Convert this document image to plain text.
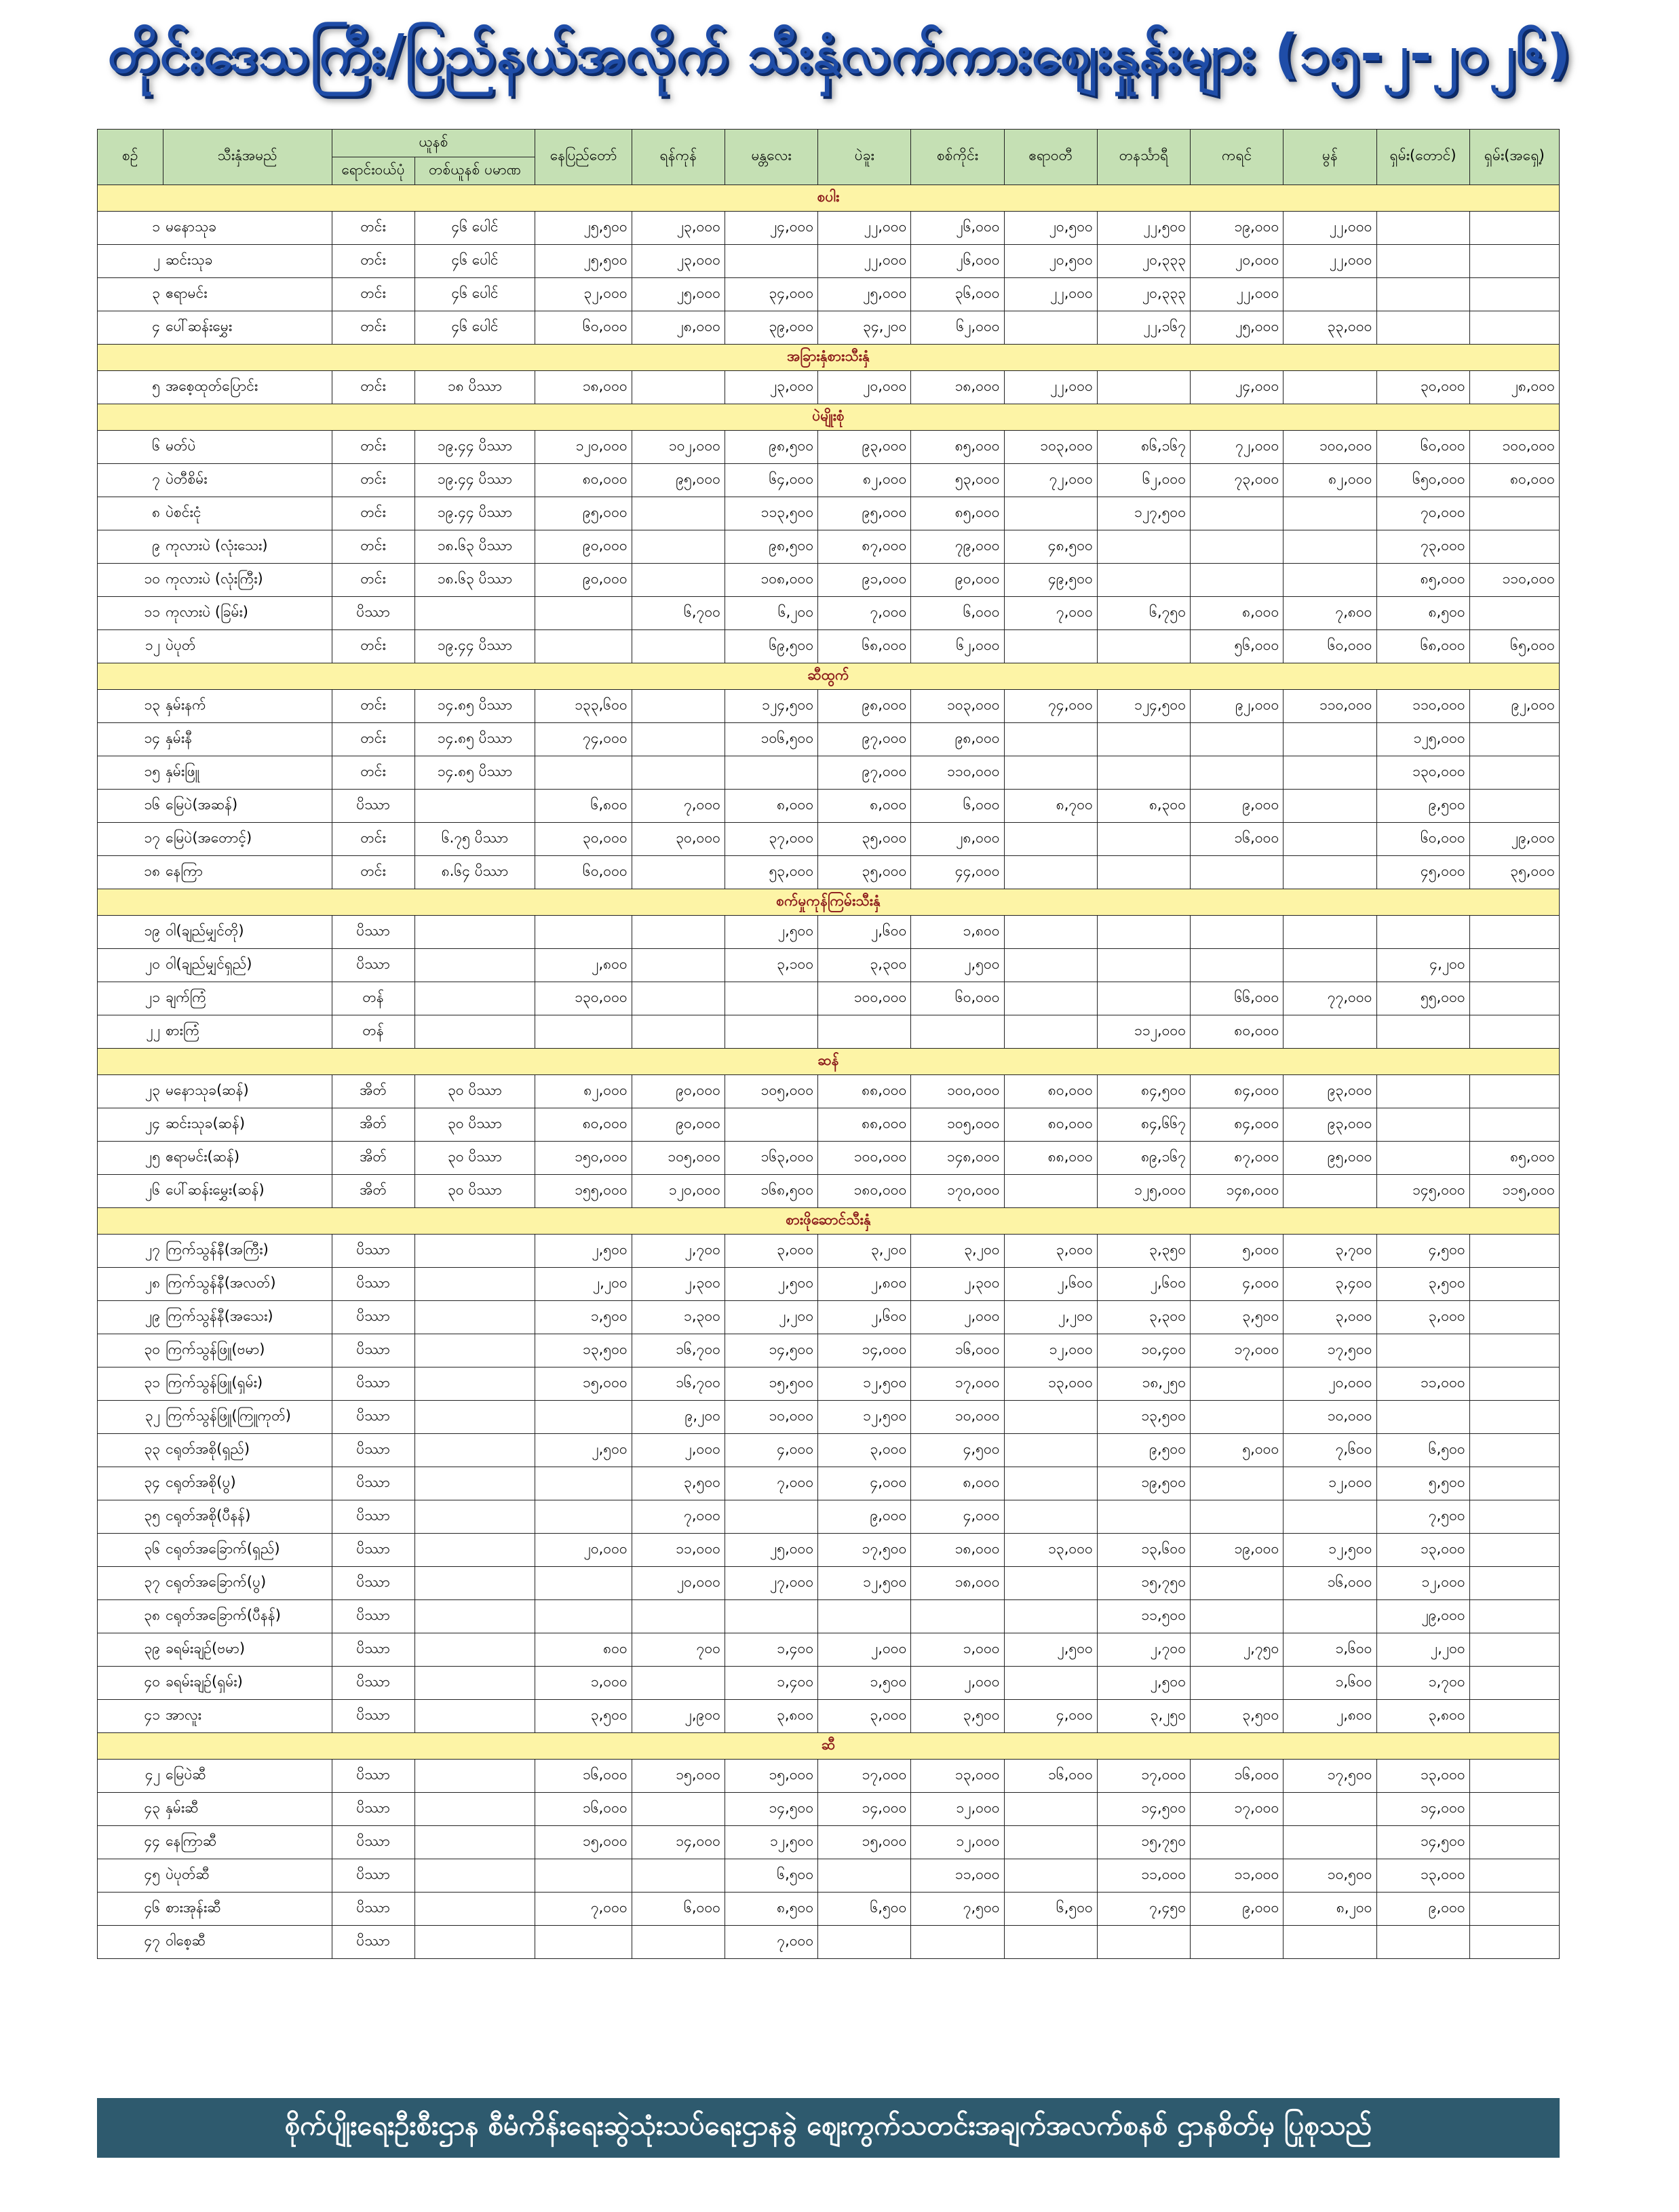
တိုင်းဒေသကြီး/ပြည်နယ်အလိုက် သီးနှံလက်ကားဈေးနှုန်းများ (၁၅-၂-၂၀၂၆)
စဉ်	သီးနှံအမည်	ယူနစ်		နေပြည်တော်	ရန်ကုန်	မန္တလေး	ပဲခူး	စစ်ကိုင်း	ဧရာဝတီ	တနင်္သာရီ	ကရင်	မွန်	ရှမ်း(တောင်)	ရှမ်း(အရှေ့)
		ရောင်းဝယ်ပုံ	တစ်ယူနစ် ပမာဏ											
စပါး														
၁	မနောသုခ	တင်း	၄၆ ပေါင်	၂၅,၅၀၀	၂၃,၀၀၀	၂၄,၀၀၀	၂၂,၀၀၀	၂၆,၀၀၀	၂၀,၅၀၀	၂၂,၅၀၀	၁၉,၀၀၀	၂၂,၀၀၀		
၂	ဆင်းသုခ	တင်း	၄၆ ပေါင်	၂၅,၅၀၀	၂၃,၀၀၀		၂၂,၀၀၀	၂၆,၀၀၀	၂၀,၅၀၀	၂၀,၃၃၃	၂၀,၀၀၀	၂၂,၀၀၀		
၃	ဧရာမင်း	တင်း	၄၆ ပေါင်	၃၂,၀၀၀	၂၅,၀၀၀	၃၄,၀၀၀	၂၅,၀၀၀	၃၆,၀၀၀	၂၂,၀၀၀	၂၀,၃၃၃	၂၂,၀၀၀			
၄	ပေါ်ဆန်းမွှေး	တင်း	၄၆ ပေါင်	၆၀,၀၀၀	၂၈,၀၀၀	၃၉,၀၀၀	၃၄,၂၀၀	၆၂,၀၀၀		၂၂,၁၆၇	၂၅,၀၀၀	၃၃,၀၀၀		
အခြားနှံစားသီးနှံ														
၅	အစေ့ထုတ်ပြောင်း	တင်း	၁၈ ပိဿာ	၁၈,၀၀၀		၂၃,၀၀၀	၂၀,၀၀၀	၁၈,၀၀၀	၂၂,၀၀၀		၂၄,၀၀၀		၃၀,၀၀၀	၂၈,၀၀၀
ပဲမျိုးစုံ														
၆	မတ်ပဲ	တင်း	၁၉.၄၄ ပိဿာ	၁၂၀,၀၀၀	၁၀၂,၀၀၀	၉၈,၅၀၀	၉၃,၀၀၀	၈၅,၀၀၀	၁၀၃,၀၀၀	၈၆,၁၆၇	၇၂,၀၀၀	၁၀၀,၀၀၀	၆၀,၀၀၀	၁၀၀,၀၀၀
၇	ပဲတီစိမ်း	တင်း	၁၉.၄၄ ပိဿာ	၈၀,၀၀၀	၉၅,၀၀၀	၆၄,၀၀၀	၈၂,၀၀၀	၅၃,၀၀၀	၇၂,၀၀၀	၆၂,၀၀၀	၇၃,၀၀၀	၈၂,၀၀၀	၆၅၀,၀၀၀	၈၀,၀၀၀
၈	ပဲစင်းငုံ	တင်း	၁၉.၄၄ ပိဿာ	၉၅,၀၀၀		၁၁၃,၅၀၀	၉၅,၀၀၀	၈၅,၀၀၀		၁၂၇,၅၀၀			၇၀,၀၀၀	
၉	ကုလားပဲ (လုံးသေး)	တင်း	၁၈.၆၃ ပိဿာ	၉၀,၀၀၀		၉၈,၅၀၀	၈၇,၀၀၀	၇၉,၀၀၀	၄၈,၅၀၀				၇၃,၀၀၀	
၁၀	ကုလားပဲ (လုံးကြီး)	တင်း	၁၈.၆၃ ပိဿာ	၉၀,၀၀၀		၁၀၈,၀၀၀	၉၁,၀၀၀	၉၀,၀၀၀	၄၉,၅၀၀				၈၅,၀၀၀	၁၁၀,၀၀၀
၁၁	ကုလားပဲ (ခြမ်း)	ပိဿာ			၆,၇၀၀	၆,၂၀၀	၇,၀၀၀	၆,၀၀၀	၇,၀၀၀	၆,၇၅၀	၈,၀၀၀	၇,၈၀၀	၈,၅၀၀	
၁၂	ပဲပုတ်	တင်း	၁၉.၄၄ ပိဿာ			၆၉,၅၀၀	၆၈,၀၀၀	၆၂,၀၀၀			၅၆,၀၀၀	၆၀,၀၀၀	၆၈,၀၀၀	၆၅,၀၀၀
ဆီထွက်														
၁၃	နှမ်းနက်	တင်း	၁၄.၈၅ ပိဿာ	၁၃၃,၆၀၀		၁၂၄,၅၀၀	၉၈,၀၀၀	၁၀၃,၀၀၀	၇၄,၀၀၀	၁၂၄,၅၀၀	၉၂,၀၀၀	၁၁၀,၀၀၀	၁၁၀,၀၀၀	၉၂,၀၀၀
၁၄	နှမ်းနီ	တင်း	၁၄.၈၅ ပိဿာ	၇၄,၀၀၀		၁၀၆,၅၀၀	၉၇,၀၀၀	၉၈,၀၀၀					၁၂၅,၀၀၀	
၁၅	နှမ်းဖြူ	တင်း	၁၄.၈၅ ပိဿာ				၉၇,၀၀၀	၁၁၀,၀၀၀					၁၃၀,၀၀၀	
၁၆	မြေပဲ(အဆန်)	ပိဿာ		၆,၈၀၀	၇,၀၀၀	၈,၀၀၀	၈,၀၀၀	၆,၀၀၀	၈,၇၀၀	၈,၃၀၀	၉,၀၀၀		၉,၅၀၀	
၁၇	မြေပဲ(အတောင့်)	တင်း	၆.၇၅ ပိဿာ	၃၀,၀၀၀	၃၀,၀၀၀	၃၇,၀၀၀	၃၅,၀၀၀	၂၈,၀၀၀			၁၆,၀၀၀		၆၀,၀၀၀	၂၉,၀၀၀
၁၈	နေကြာ	တင်း	၈.၆၄ ပိဿာ	၆၀,၀၀၀		၅၃,၀၀၀	၃၅,၀၀၀	၄၄,၀၀၀					၄၅,၀၀၀	၃၅,၀၀၀
စက်မှုကုန်ကြမ်းသီးနှံ														
၁၉	ဝါ(ချည်မျှင်တို)	ပိဿာ				၂,၅၀၀	၂,၆၀၀	၁,၈၀၀						
၂၀	ဝါ(ချည်မျှင်ရှည်)	ပိဿာ		၂,၈၀၀		၃,၁၀၀	၃,၃၀၀	၂,၅၀၀					၄,၂၀၀	
၂၁	ချက်ကြံ	တန်		၁၃၀,၀၀၀			၁၀၀,၀၀၀	၆၀,၀၀၀			၆၆,၀၀၀	၇၇,၀၀၀	၅၅,၀၀၀	
၂၂	စားကြံ	တန်								၁၁၂,၀၀၀	၈၀,၀၀၀			
ဆန်														
၂၃	မနောသုခ(ဆန်)	အိတ်	၃၀ ပိဿာ	၈၂,၀၀၀	၉၀,၀၀၀	၁၀၅,၀၀၀	၈၈,၀၀၀	၁၀၀,၀၀၀	၈၀,၀၀၀	၈၄,၅၀၀	၈၄,၀၀၀	၉၃,၀၀၀		
၂၄	ဆင်းသုခ(ဆန်)	အိတ်	၃၀ ပိဿာ	၈၀,၀၀၀	၉၀,၀၀၀		၈၈,၀၀၀	၁၀၅,၀၀၀	၈၀,၀၀၀	၈၄,၆၆၇	၈၄,၀၀၀	၉၃,၀၀၀		
၂၅	ဧရာမင်း(ဆန်)	အိတ်	၃၀ ပိဿာ	၁၅၀,၀၀၀	၁၀၅,၀၀၀	၁၆၃,၀၀၀	၁၀၀,၀၀၀	၁၄၈,၀၀၀	၈၈,၀၀၀	၈၉,၁၆၇	၈၇,၀၀၀	၉၅,၀၀၀		၈၅,၀၀၀
၂၆	ပေါ်ဆန်းမွှေး(ဆန်)	အိတ်	၃၀ ပိဿာ	၁၅၅,၀၀၀	၁၂၀,၀၀၀	၁၆၈,၅၀၀	၁၈၀,၀၀၀	၁၇၀,၀၀၀		၁၂၅,၀၀၀	၁၄၈,၀၀၀		၁၄၅,၀၀၀	၁၁၅,၀၀၀
စားဖိုဆောင်သီးနှံ														
၂၇	ကြက်သွန်နီ(အကြီး)	ပိဿာ		၂,၅၀၀	၂,၇၀၀	၃,၀၀၀	၃,၂၀၀	၃,၂၀၀	၃,၀၀၀	၃,၃၅၀	၅,၀၀၀	၃,၇၀၀	၄,၅၀၀	
၂၈	ကြက်သွန်နီ(အလတ်)	ပိဿာ		၂,၂၀၀	၂,၃၀၀	၂,၅၀၀	၂,၈၀၀	၂,၃၀၀	၂,၆၀၀	၂,၆၀၀	၄,၀၀၀	၃,၄၀၀	၃,၅၀၀	
၂၉	ကြက်သွန်နီ(အသေး)	ပိဿာ		၁,၅၀၀	၁,၃၀၀	၂,၂၀၀	၂,၆၀၀	၂,၀၀၀	၂,၂၀၀	၃,၃၀၀	၃,၅၀၀	၃,၀၀၀	၃,၀၀၀	
၃၀	ကြက်သွန်ဖြူ(ဗမာ)	ပိဿာ		၁၃,၅၀၀	၁၆,၇၀၀	၁၄,၅၀၀	၁၄,၀၀၀	၁၆,၀၀၀	၁၂,၀၀၀	၁၀,၄၀၀	၁၇,၀၀၀	၁၇,၅၀၀		
၃၁	ကြက်သွန်ဖြူ(ရှမ်း)	ပိဿာ		၁၅,၀၀၀	၁၆,၇၀၀	၁၅,၅၀၀	၁၂,၅၀၀	၁၇,၀၀၀	၁၃,၀၀၀	၁၈,၂၅၀		၂၀,၀၀၀	၁၁,၀၀၀	
၃၂	ကြက်သွန်ဖြူ(ကြူကုတ်)	ပိဿာ			၉,၂၀၀	၁၀,၀၀၀	၁၂,၅၀၀	၁၀,၀၀၀		၁၃,၅၀၀		၁၀,၀၀၀		
၃၃	ငရုတ်အစို(ရှည်)	ပိဿာ		၂,၅၀၀	၂,၀၀၀	၄,၀၀၀	၃,၀၀၀	၄,၅၀၀		၉,၅၀၀	၅,၀၀၀	၇,၆၀၀	၆,၅၀၀	
၃၄	ငရုတ်အစို(ပွ)	ပိဿာ			၃,၅၀၀	၇,၀၀၀	၄,၀၀၀	၈,၀၀၀		၁၉,၅၀၀		၁၂,၀၀၀	၅,၅၀၀	
၃၅	ငရုတ်အစို(ပီနန်)	ပိဿာ			၇,၀၀၀		၉,၀၀၀	၄,၀၀၀					၇,၅၀၀	
၃၆	ငရုတ်အခြောက်(ရှည်)	ပိဿာ		၂၀,၀၀၀	၁၁,၀၀၀	၂၅,၀၀၀	၁၇,၅၀၀	၁၈,၀၀၀	၁၃,၀၀၀	၁၃,၆၀၀	၁၉,၀၀၀	၁၂,၅၀၀	၁၃,၀၀၀	
၃၇	ငရုတ်အခြောက်(ပွ)	ပိဿာ			၂၀,၀၀၀	၂၇,၀၀၀	၁၂,၅၀၀	၁၈,၀၀၀		၁၅,၇၅၀		၁၆,၀၀၀	၁၂,၀၀၀	
၃၈	ငရုတ်အခြောက်(ပီနန်)	ပိဿာ								၁၁,၅၀၀			၂၉,၀၀၀	
၃၉	ခရမ်းချဉ်(ဗမာ)	ပိဿာ		၈၀၀	၇၀၀	၁,၄၀၀	၂,၀၀၀	၁,၀၀၀	၂,၅၀၀	၂,၇၀၀	၂,၇၅၀	၁,၆၀၀	၂,၂၀၀	
၄၀	ခရမ်းချဉ်(ရှမ်း)	ပိဿာ		၁,၀၀၀		၁,၄၀၀	၁,၅၀၀	၂,၀၀၀		၂,၅၀၀		၁,၆၀၀	၁,၇၀၀	
၄၁	အာလူး	ပိဿာ		၃,၅၀၀	၂,၉၀၀	၃,၈၀၀	၃,၀၀၀	၃,၅၀၀	၄,၀၀၀	၃,၂၅၀	၃,၅၀၀	၂,၈၀၀	၃,၈၀၀	
ဆီ														
၄၂	မြေပဲဆီ	ပိဿာ		၁၆,၀၀၀	၁၅,၀၀၀	၁၅,၀၀၀	၁၇,၀၀၀	၁၃,၀၀၀	၁၆,၀၀၀	၁၇,၀၀၀	၁၆,၀၀၀	၁၇,၅၀၀	၁၃,၀၀၀	
၄၃	နှမ်းဆီ	ပိဿာ		၁၆,၀၀၀		၁၄,၅၀၀	၁၄,၀၀၀	၁၂,၀၀၀		၁၄,၅၀၀	၁၇,၀၀၀		၁၄,၀၀၀	
၄၄	နေကြာဆီ	ပိဿာ		၁၅,၀၀၀	၁၄,၀၀၀	၁၂,၅၀၀	၁၅,၀၀၀	၁၂,၀၀၀		၁၅,၇၅၀			၁၄,၅၀၀	
၄၅	ပဲပုတ်ဆီ	ပိဿာ				၆,၅၀၀		၁၁,၀၀၀		၁၁,၀၀၀	၁၁,၀၀၀	၁၀,၅၀၀	၁၃,၀၀၀	
၄၆	စားအုန်းဆီ	ပိဿာ		၇,၀၀၀	၆,၀၀၀	၈,၅၀၀	၆,၅၀၀	၇,၅၀၀	၆,၅၀၀	၇,၄၅၀	၉,၀၀၀	၈,၂၀၀	၉,၀၀၀	
၄၇	ဝါစေ့ဆီ	ပိဿာ				၇,၀၀၀								
စိုက်ပျိုးရေးဦးစီးဌာန စီမံကိန်းရေးဆွဲသုံးသပ်ရေးဌာနခွဲ ဈေးကွက်သတင်းအချက်အလက်စနစ် ဌာနစိတ်မှ ပြုစုသည်
